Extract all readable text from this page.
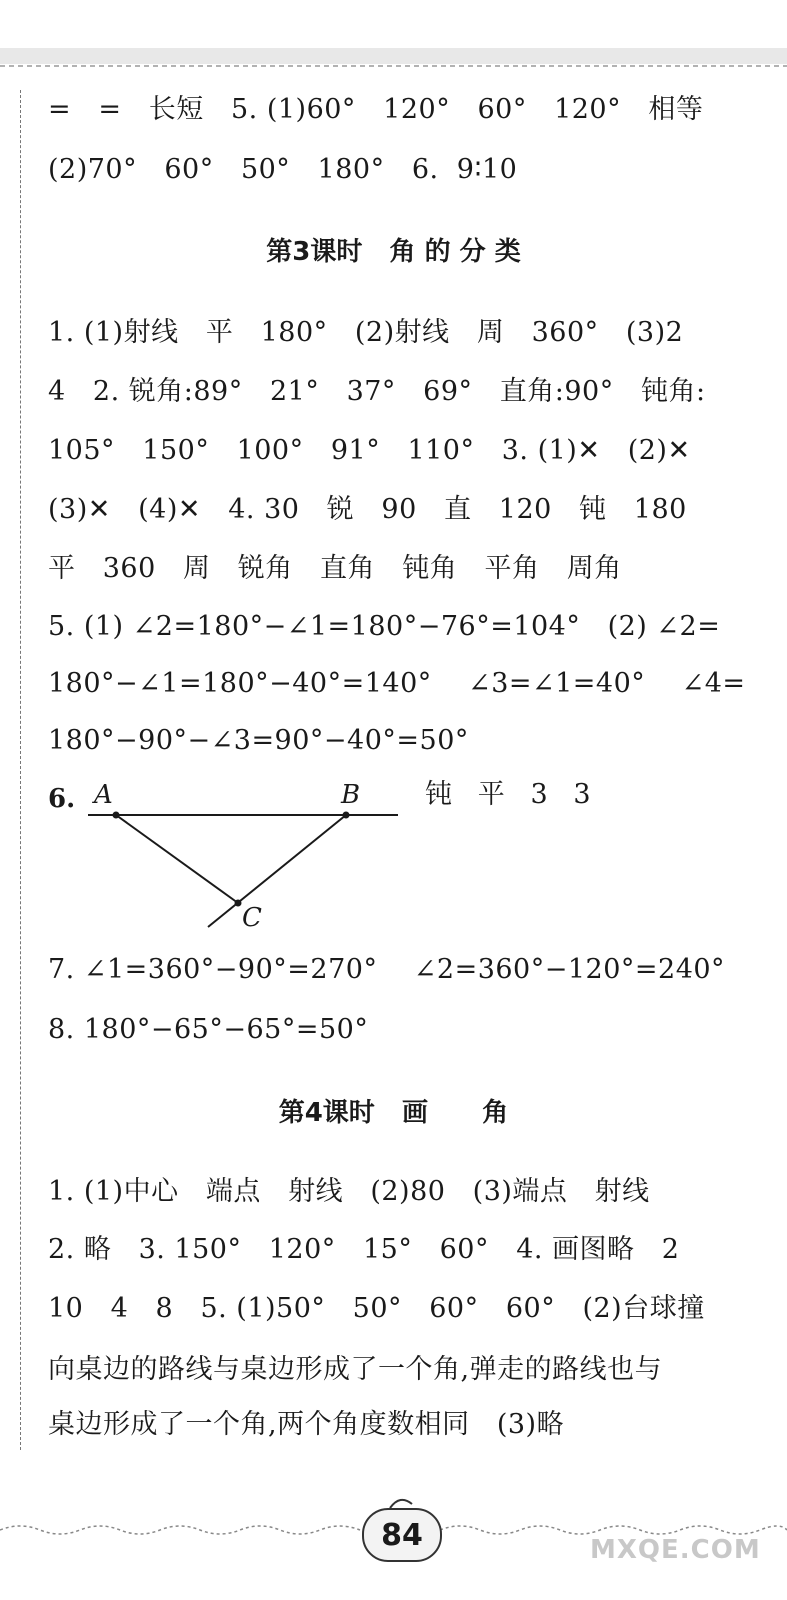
=   =   长短   5. (1)60°   120°   60°   120°   相等
(2)70°   60°   50°   180°   6.  9∶10
第3课时   角 的 分 类
1. (1)射线   平   180°   (2)射线   周   360°   (3)2
4   2. 锐角:89°   21°   37°   69°   直角:90°   钝角:
105°   150°   100°   91°   110°   3. (1)✕   (2)✕
(3)✕   (4)✕   4. 30   锐   90   直   120   钝   180
平   360   周   锐角   直角   钝角   平角   周角
5. (1) ∠2=180°−∠1=180°−76°=104°   (2) ∠2=
180°−∠1=180°−40°=140°    ∠3=∠1=40°    ∠4=
180°−90°−∠3=90°−40°=50°
6. A	B
C
钝   平   3   3
7. ∠1=360°−90°=270°    ∠2=360°−120°=240°
8. 180°−65°−65°=50°
第4课时   画      角
1. (1)中心   端点   射线   (2)80   (3)端点   射线
2. 略   3. 150°   120°   15°   60°   4. 画图略   2
10   4   8   5. (1)50°   50°   60°   60°   (2)台球撞
向桌边的路线与桌边形成了一个角,弹走的路线也与
桌边形成了一个角,两个角度数相同   (3)略
84	MXQE.COM
